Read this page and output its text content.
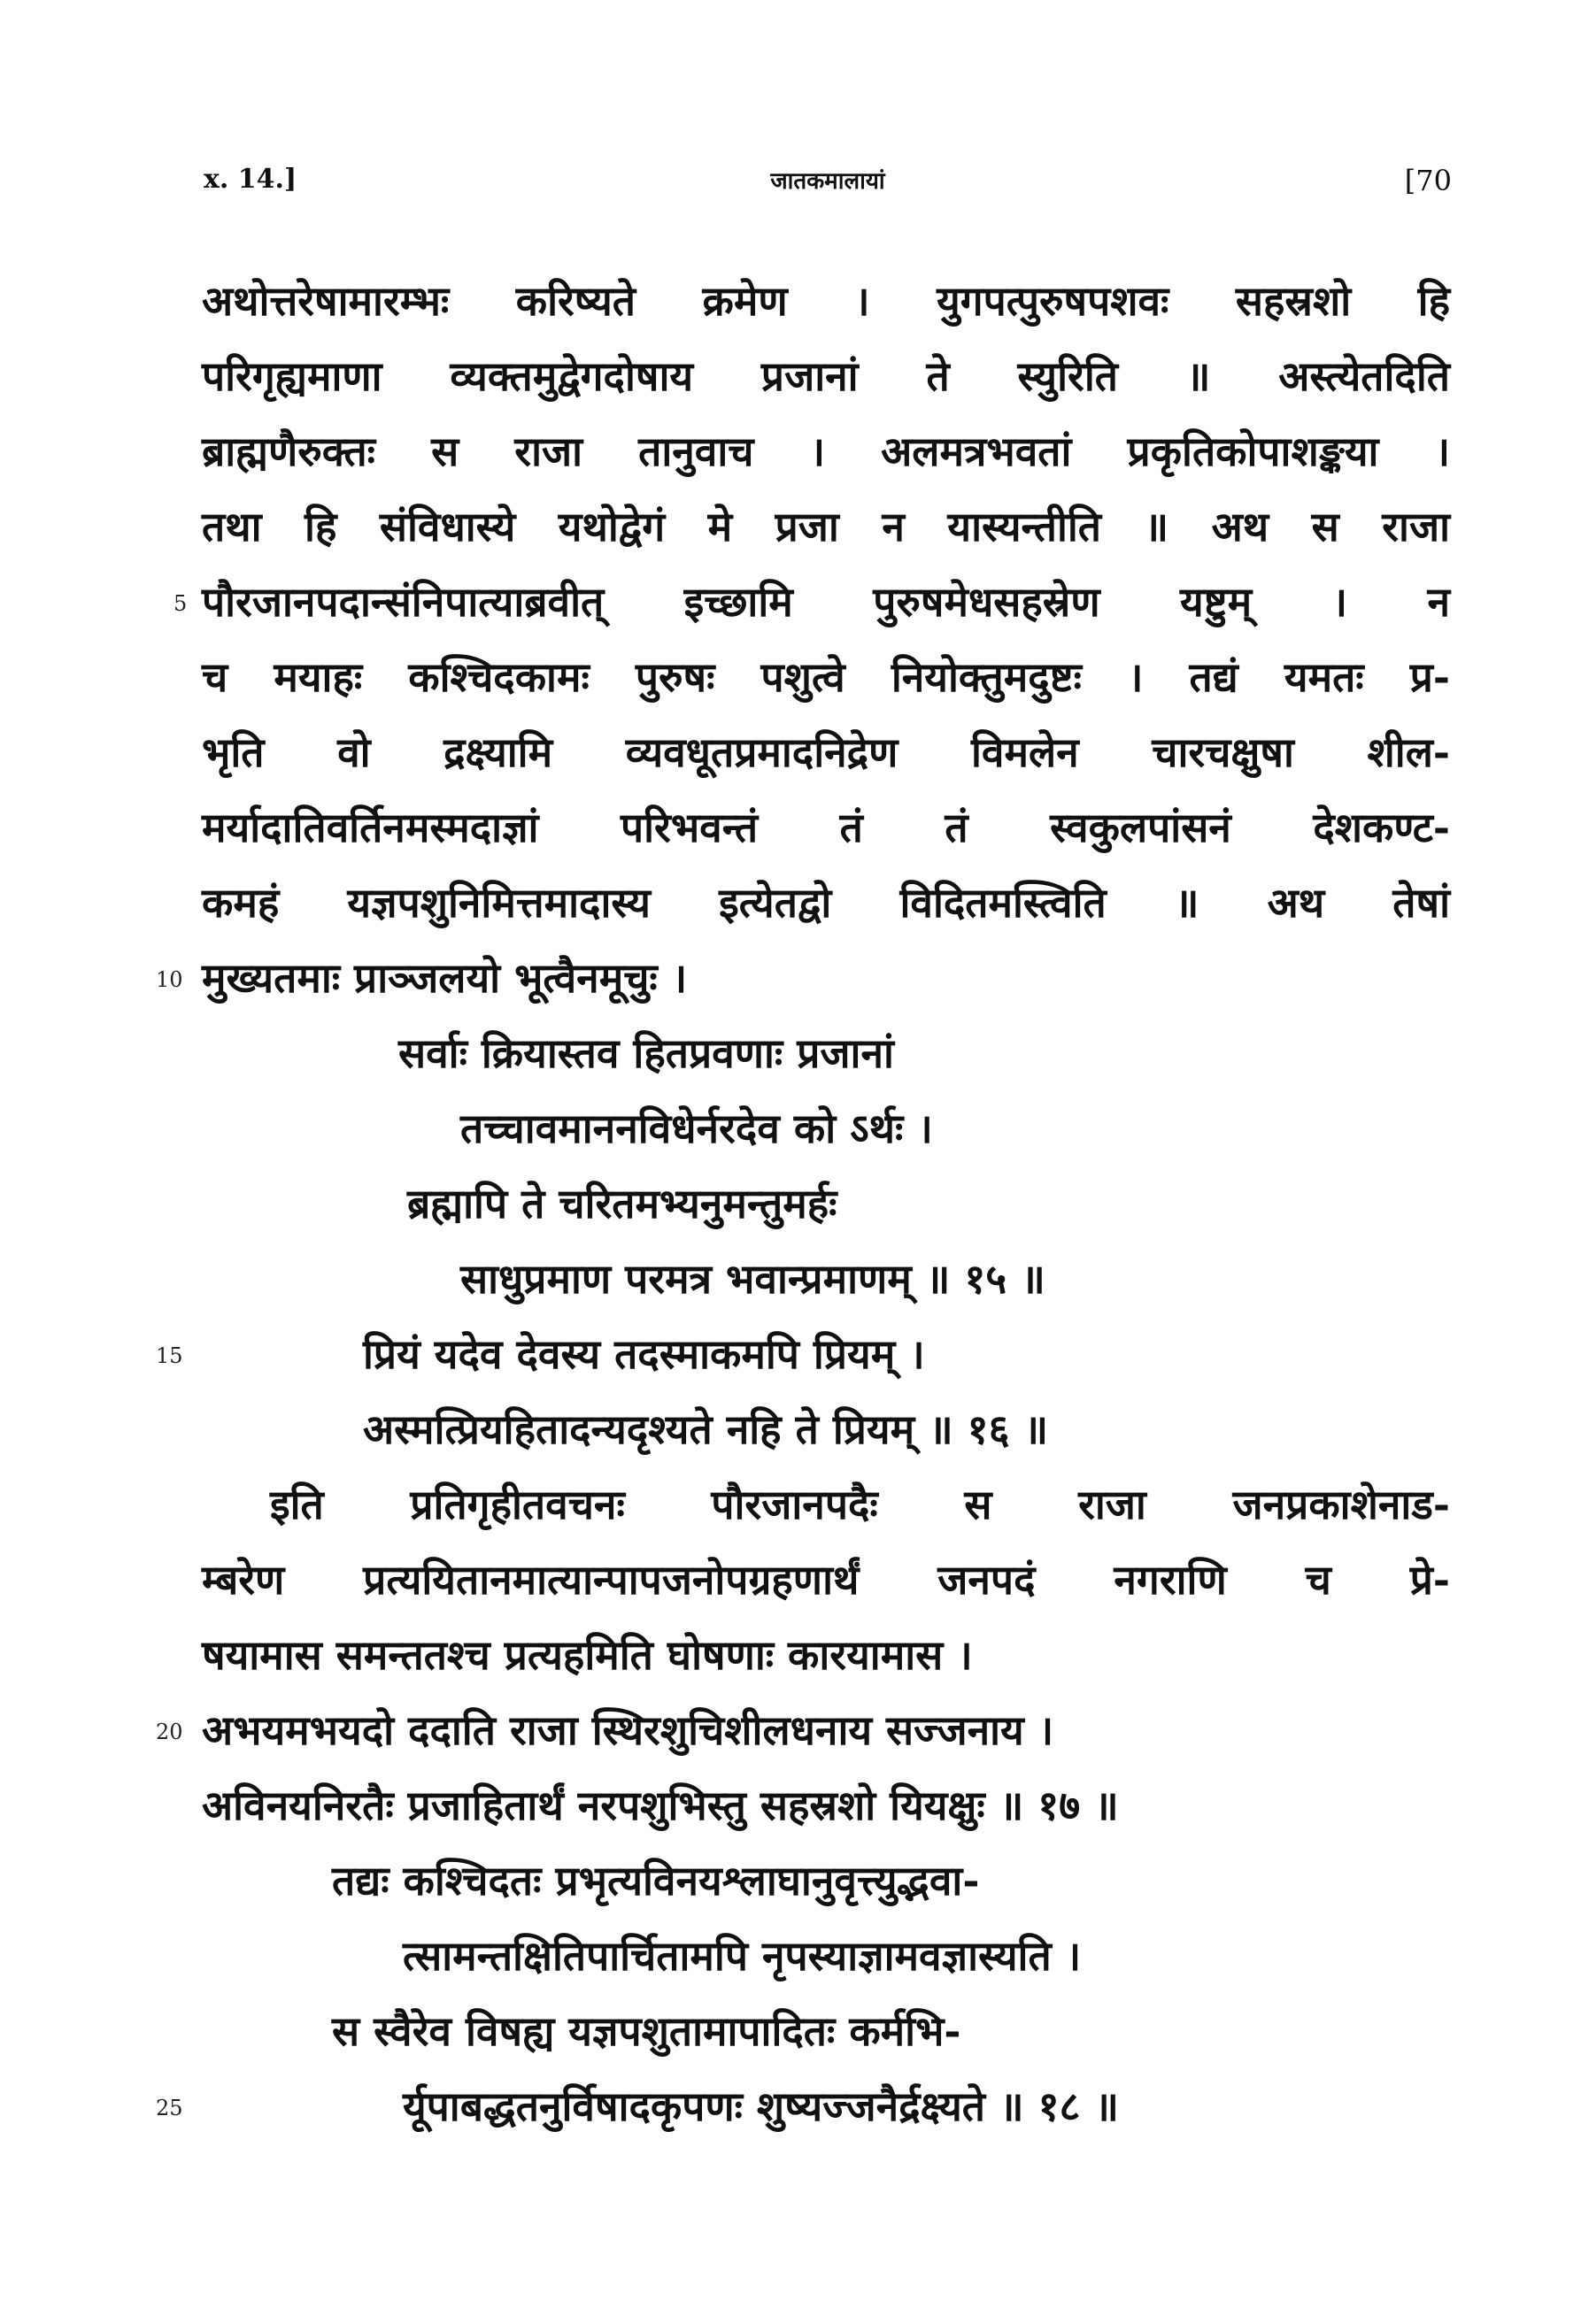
x. 14.]	जातकमालायां	[70
अथोत्तरेषामारम्भः करिष्यते क्रमेण । युगपत्पुरुषपशवः सहस्रशो हि
परिगृह्यमाणा व्यक्तमुद्वेगदोषाय प्रजानां ते स्युरिति ॥ अस्त्येतदिति
ब्राह्मणैरुक्तः स राजा तानुवाच । अलमत्रभवतां प्रकृतिकोपाशङ्कया ।
तथा हि संविधास्ये यथोद्वेगं मे प्रजा न यास्यन्तीति ॥ अथ स राजा
पौरजानपदान्संनिपात्याब्रवीत् इच्छामि पुरुषमेधसहस्रेण यष्टुम् । न
च मयाहः कश्चिदकामः पुरुषः पशुत्वे नियोक्तुमदुष्टः । तद्यं यमतः प्र-
भृति वो द्रक्ष्यामि व्यवधूतप्रमादनिद्रेण विमलेन चारचक्षुषा शील-
मर्यादातिवर्तिनमस्मदाज्ञां परिभवन्तं तं तं स्वकुलपांसनं देशकण्ट-
कमहं यज्ञपशुनिमित्तमादास्य इत्येतद्वो विदितमस्त्विति ॥ अथ तेषां
मुख्यतमाः प्राञ्जलयो भूत्वैनमूचुः ।
सर्वाः क्रियास्तव हितप्रवणाः प्रजानां
तच्चावमाननविधेर्नरदेव को ऽर्थः ।
ब्रह्मापि ते चरितमभ्यनुमन्तुमर्हः
साधुप्रमाण परमत्र भवान्प्रमाणम् ॥ १५ ॥
प्रियं यदेव देवस्य तदस्माकमपि प्रियम् ।
अस्मत्प्रियहितादन्यदृश्यते नहि ते प्रियम् ॥ १६ ॥
इति प्रतिगृहीतवचनः पौरजानपदैः स राजा जनप्रकाशेनाड-
म्बरेण प्रत्ययितानमात्यान्पापजनोपग्रहणार्थं जनपदं नगराणि च प्रे-
षयामास समन्ततश्च प्रत्यहमिति घोषणाः कारयामास ।
अभयमभयदो ददाति राजा स्थिरशुचिशीलधनाय सज्जनाय ।
अविनयनिरतैः प्रजाहितार्थं नरपशुभिस्तु सहस्रशो यियक्षुः ॥ १७ ॥
तद्यः कश्चिदतः प्रभृत्यविनयश्लाघानुवृत्त्युद्भवा-
त्सामन्तक्षितिपार्चितामपि नृपस्याज्ञामवज्ञास्यति ।
स स्वैरेव विषह्य यज्ञपशुतामापादितः कर्मभि-
र्यूपाबद्धतनुर्विषादकृपणः शुष्यज्जनैर्द्रक्ष्यते ॥ १८ ॥
5
10
15
20
25
